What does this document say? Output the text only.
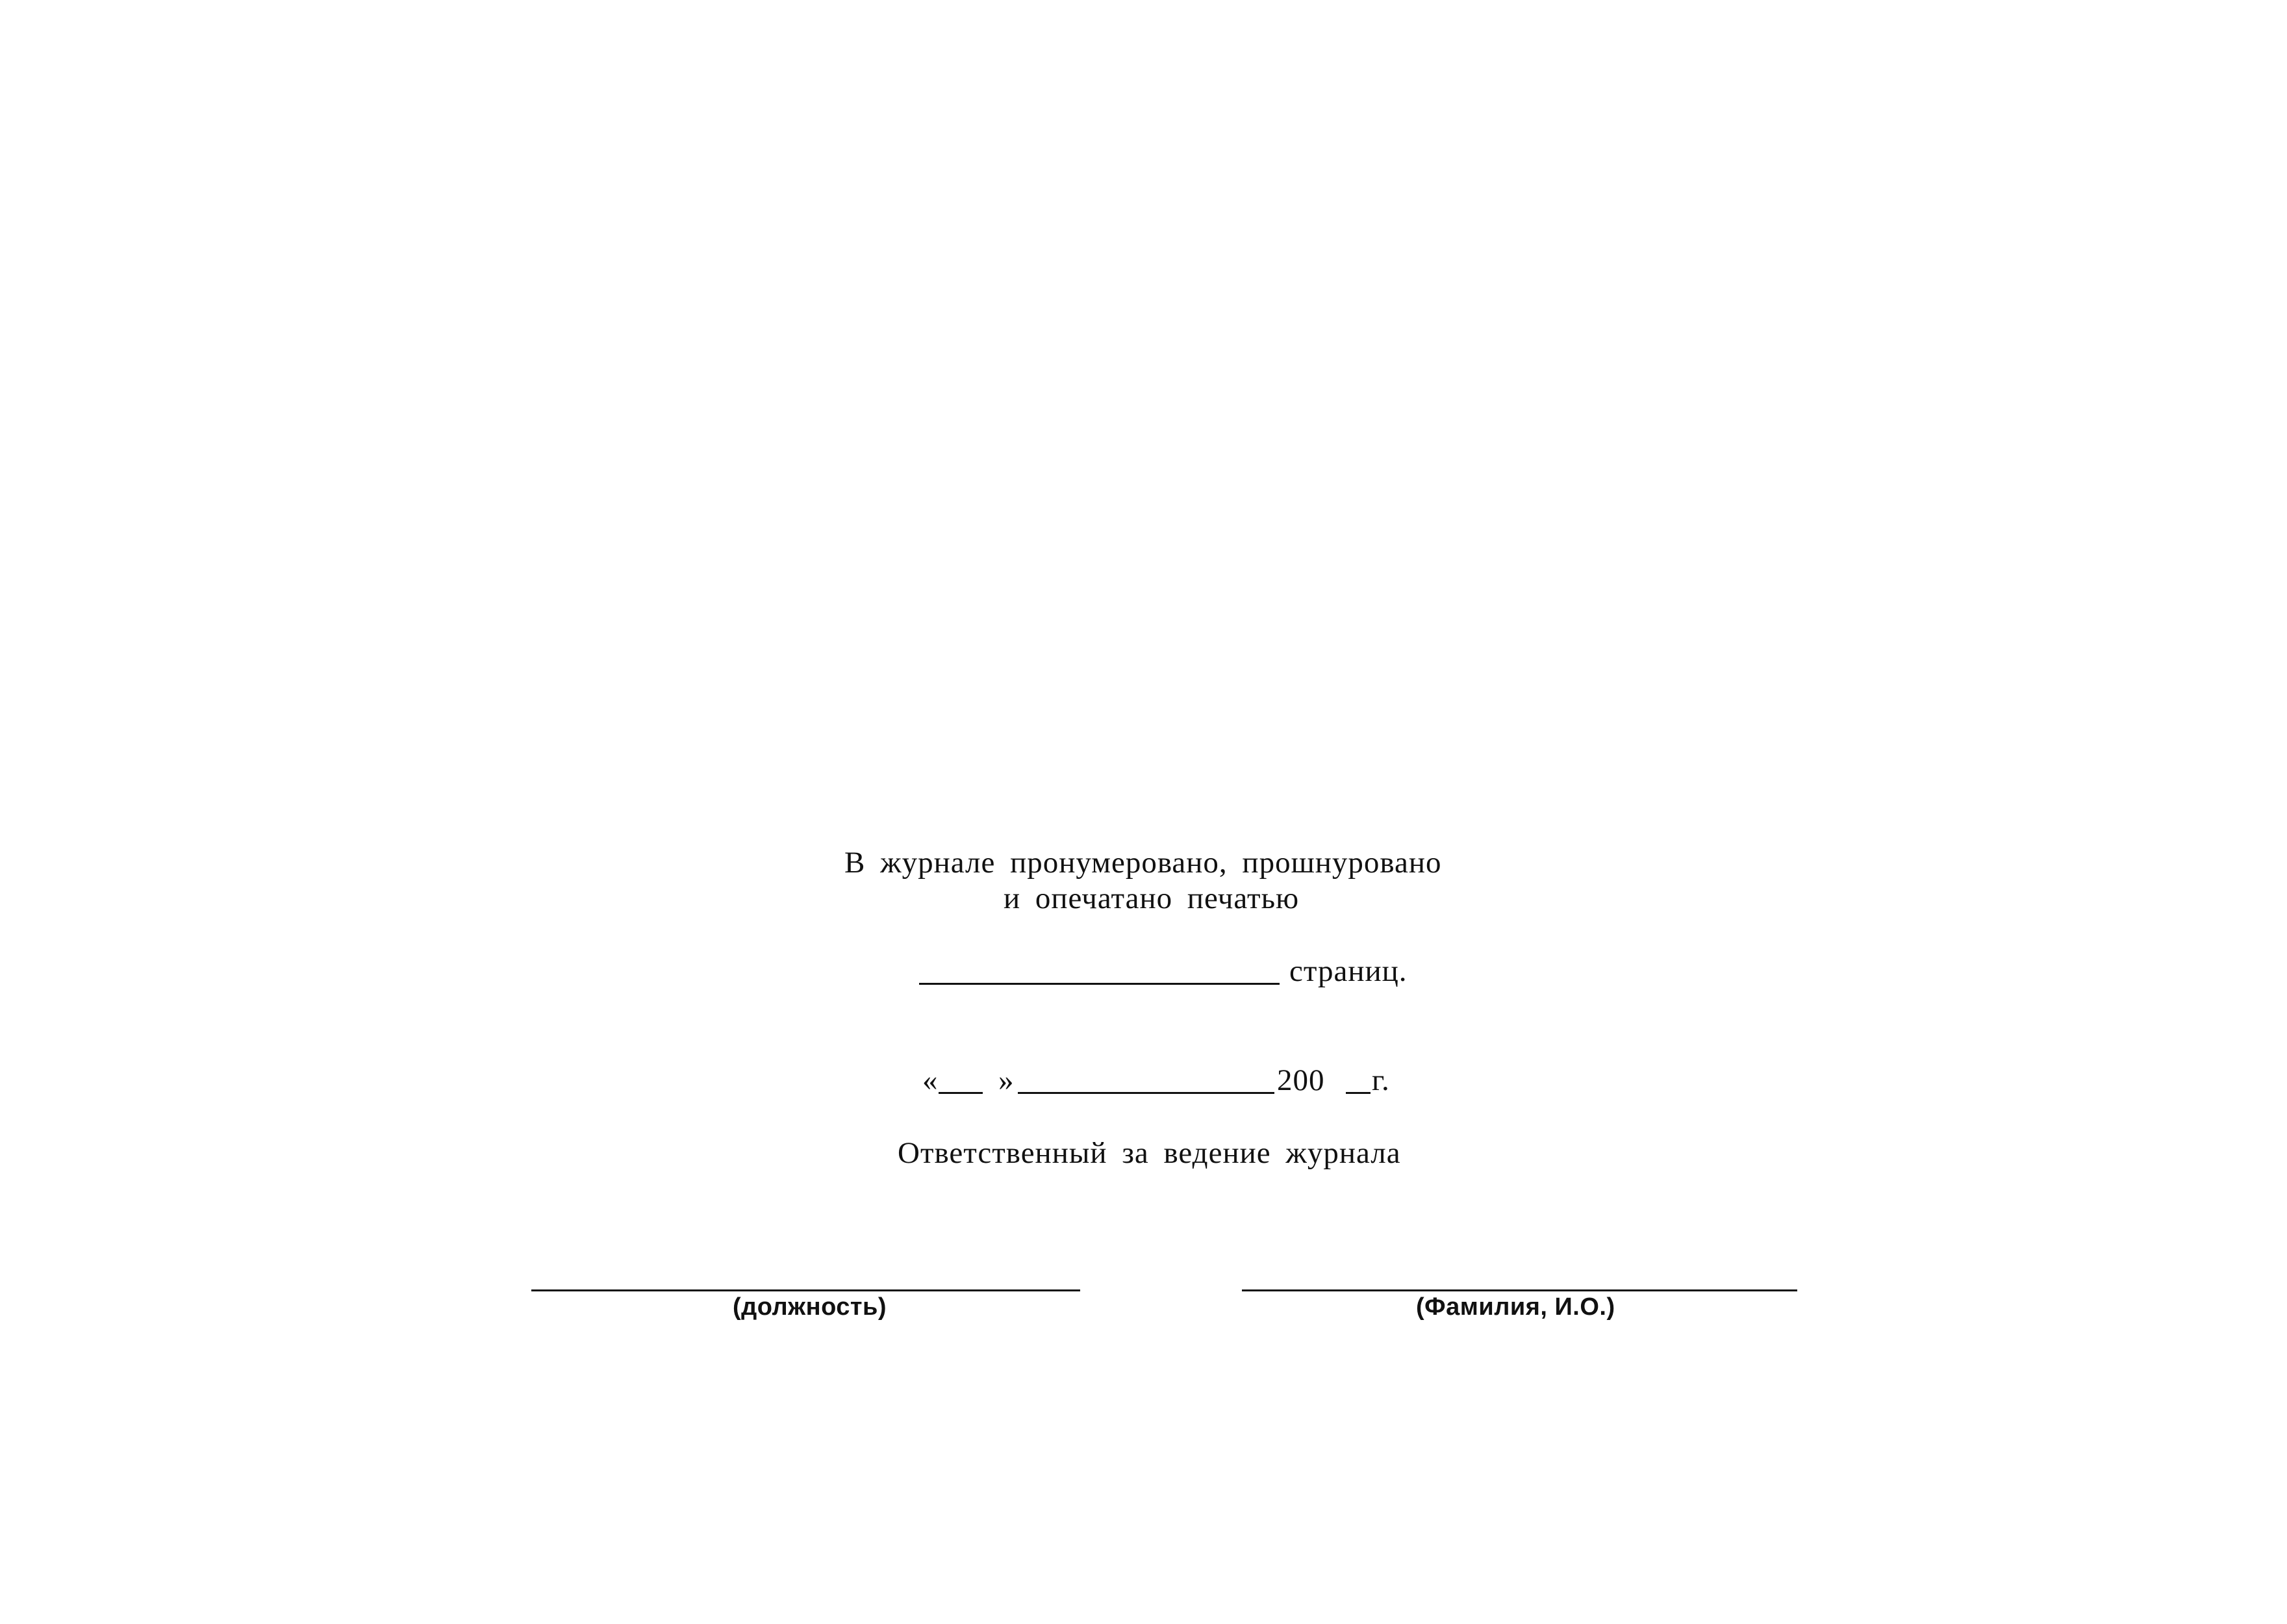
В журнале пронумеровано, прошнуровано
и опечатано печатью
страниц.
« »	200 г.
Ответственный за ведение журнала
(должность)	(Фамилия, И.О.)
